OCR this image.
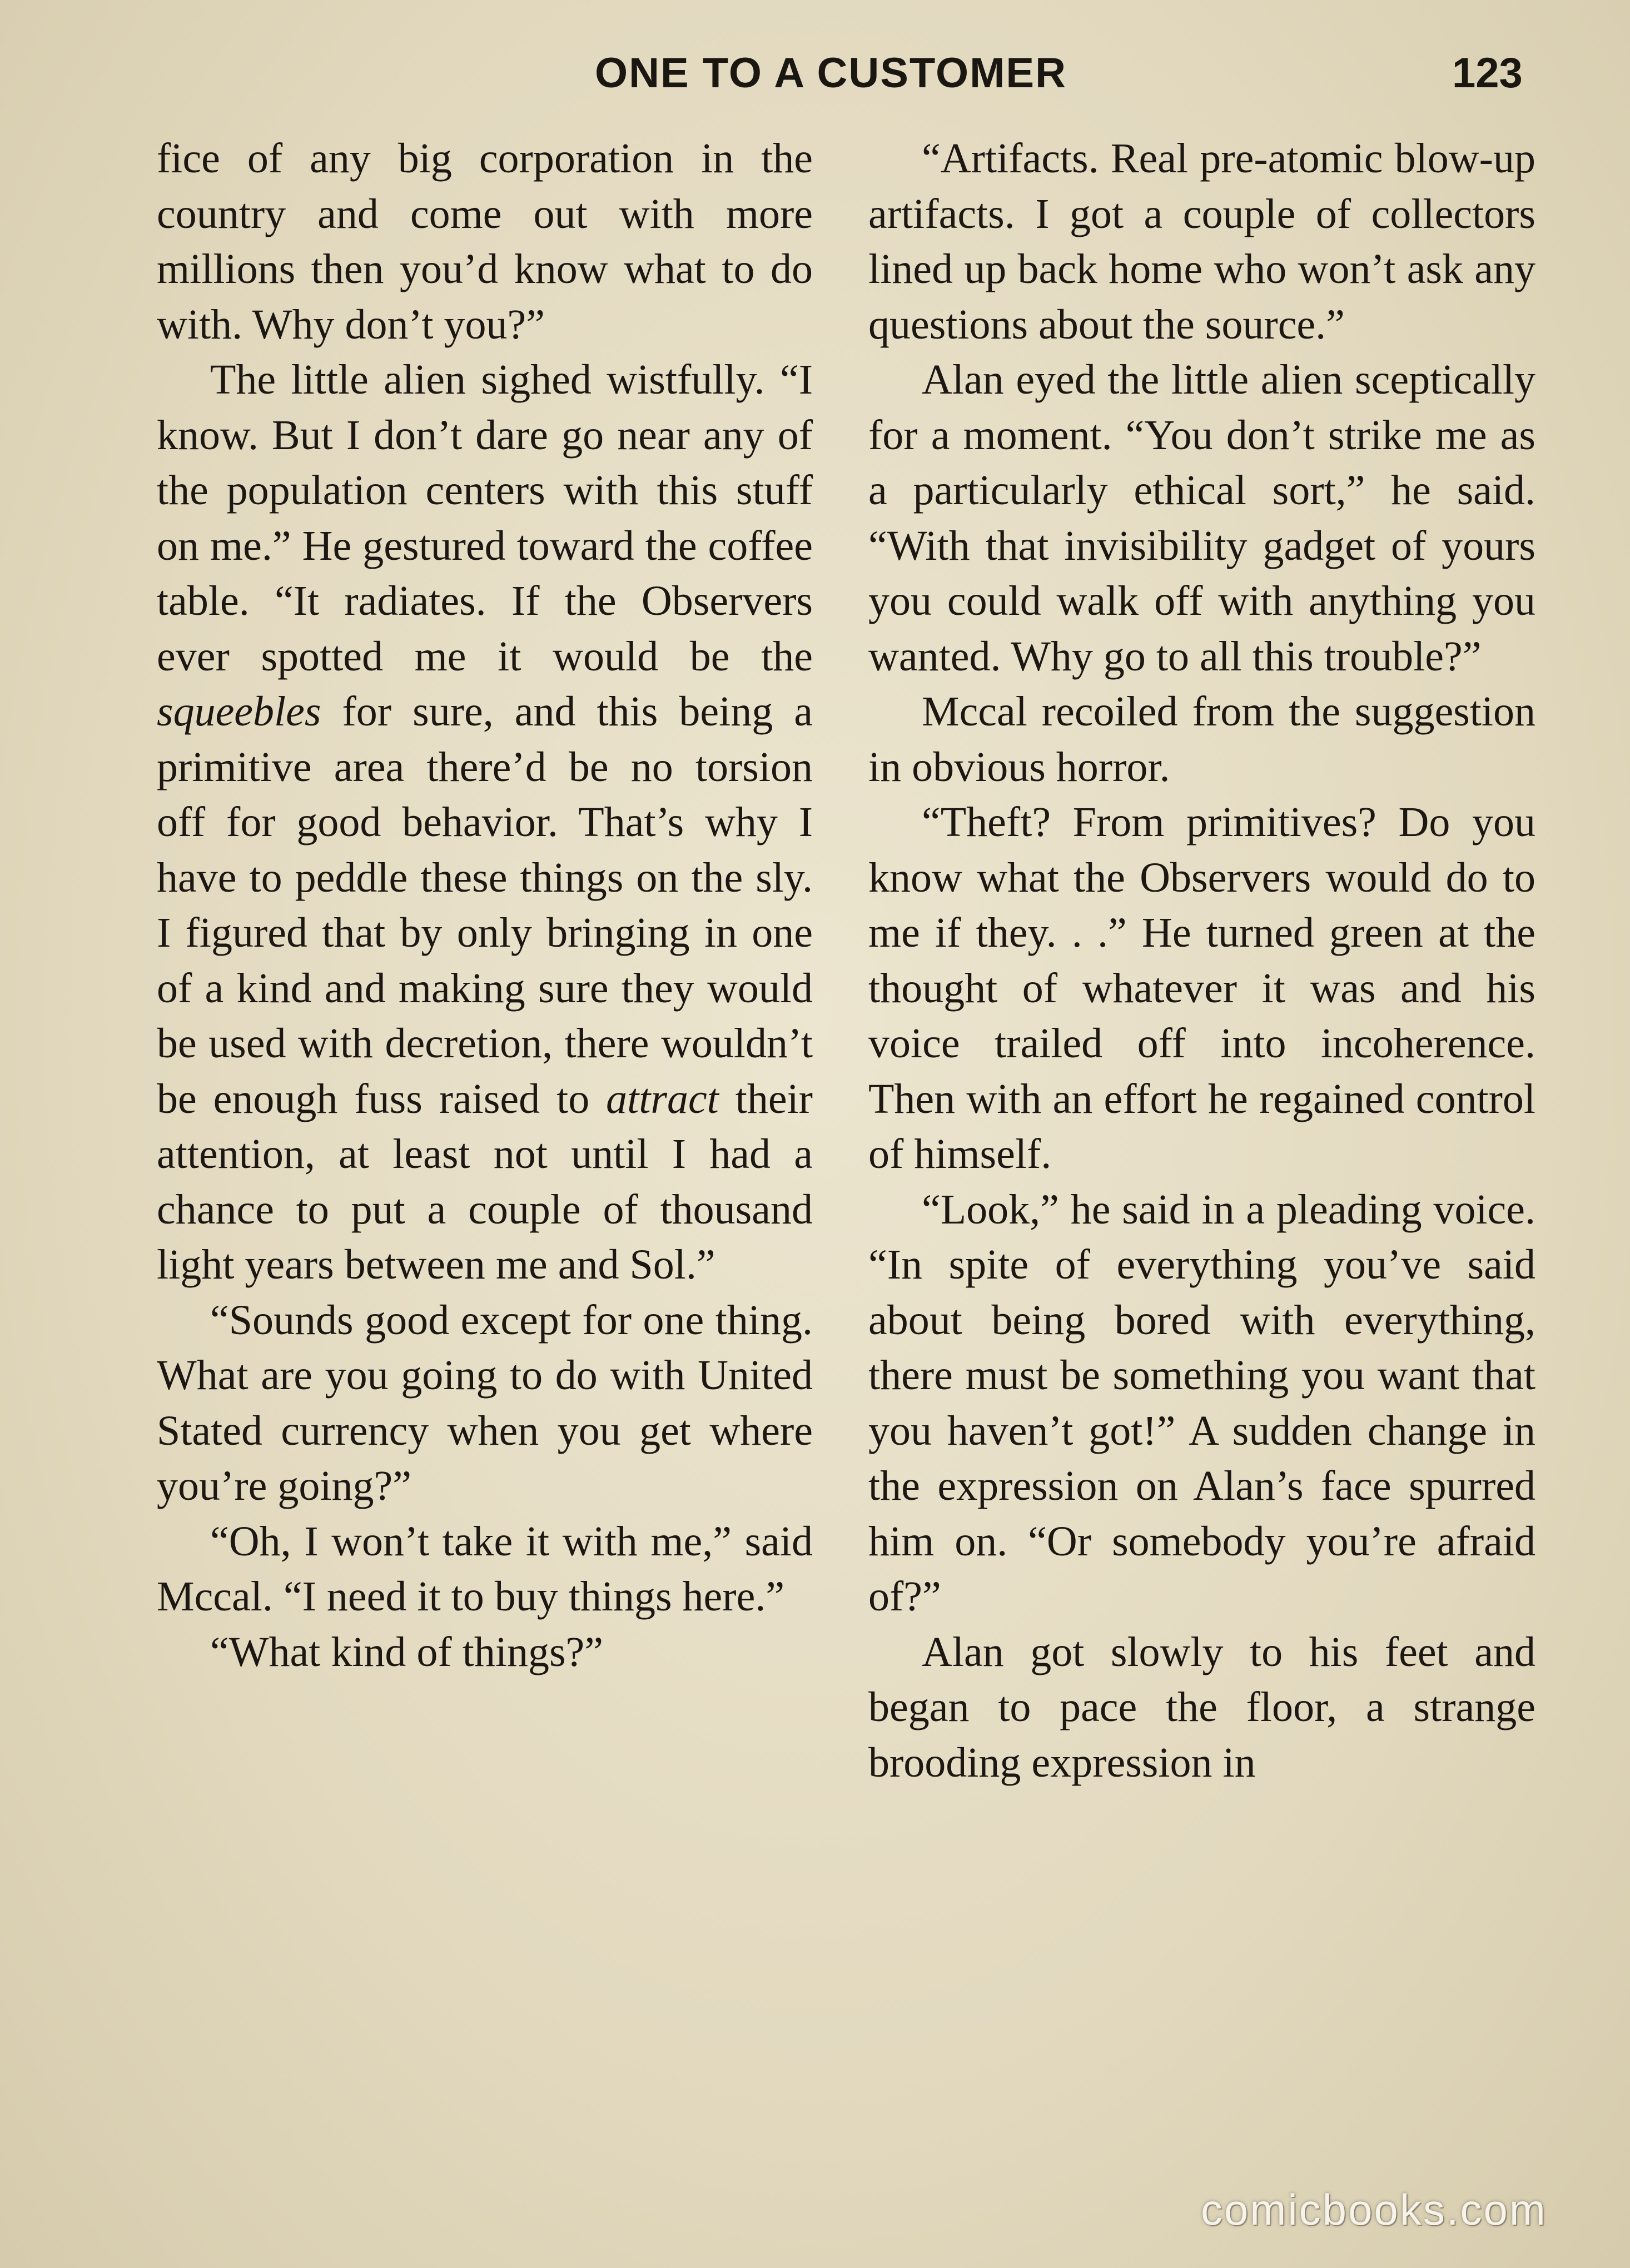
ONE TO A CUSTOMER	123

fice of any big corporation in the country and come out with more millions then you’d know what to do with. Why don’t you?”

The little alien sighed wistfully. “I know. But I don’t dare go near any of the population centers with this stuff on me.” He gestured toward the coffee table. “It radiates. If the Observers ever spotted me it would be the squeebles for sure, and this being a primitive area there’d be no torsion off for good behavior. That’s why I have to peddle these things on the sly. I figured that by only bringing in one of a kind and making sure they would be used with decretion, there wouldn’t be enough fuss raised to attract their attention, at least not until I had a chance to put a couple of thousand light years between me and Sol.”

“Sounds good except for one thing. What are you going to do with United Stated currency when you get where you’re going?”

“Oh, I won’t take it with me,” said Mccal. “I need it to buy things here.”

“What kind of things?”

“Artifacts. Real pre-atomic blow-up artifacts. I got a couple of collectors lined up back home who won’t ask any questions about the source.”

Alan eyed the little alien sceptically for a moment. “You don’t strike me as a particularly ethical sort,” he said. “With that invisibility gadget of yours you could walk off with anything you wanted. Why go to all this trouble?”

Mccal recoiled from the suggestion in obvious horror.

“Theft? From primitives? Do you know what the Observers would do to me if they. . .” He turned green at the thought of whatever it was and his voice trailed off into incoherence. Then with an effort he regained control of himself.

“Look,” he said in a pleading voice. “In spite of everything you’ve said about being bored with everything, there must be something you want that you haven’t got!” A sudden change in the expression on Alan’s face spurred him on. “Or somebody you’re afraid of?”

Alan got slowly to his feet and began to pace the floor, a strange brooding expression in

comicbooks.com
